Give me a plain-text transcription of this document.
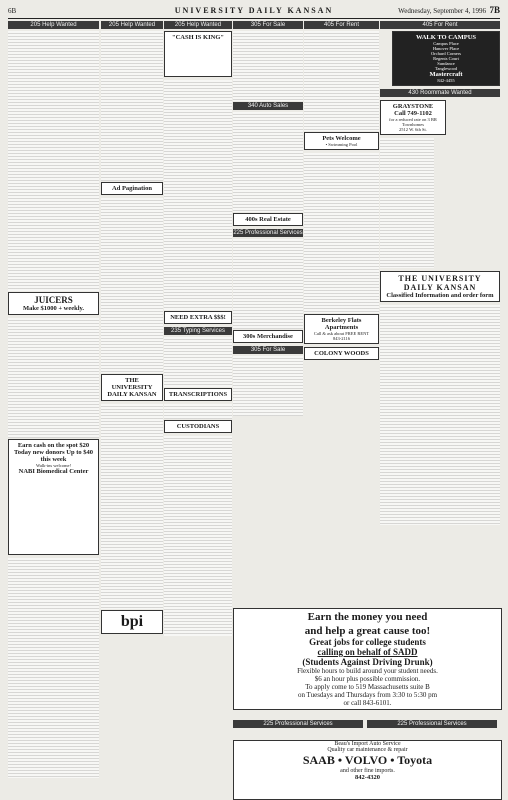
6B	UNIVERSITY DAILY KANSAN	Wednesday, September 4, 1996 7B
205 Help Wanted
JUICERS
Make $1000 + weekly.
Earn cash on the spot $20 Today new donors Up to $40 this week
Walk-ins welcome!
NABI Biomedical Center
205 Help Wanted
Ad Pagination
THE UNIVERSITY DAILY KANSAN
bpi
205 Help Wanted
"CASH IS KING"
NEED EXTRA $$$!
235 Typing Services
TRANSCRIPTIONS
CUSTODIANS
305 For Sale
340 Auto Sales
400s Real Estate
225 Professional Services
300s Merchandise
305 For Sale
405 For Rent
Pets Welcome
• Swimming Pool
Berkeley Flats Apartments
Call & ask about FREE RENT
843-2116
COLONY WOODS
405 For Rent
WALK TO CAMPUS
Campus Place
Hanover Place
Orchard Corners
Regents Court
Sundance
Tanglewood
Mastercraft
842-4455
430 Roommate Wanted
GRAYSTONE
Call 749-1102
for a reduced rate on 3 BR Townhomes
2512 W. 6th St.

THE UNIVERSITY DAILY KANSAN
Classified Information and order form
Earn the money you need
and help a great cause too!
Great jobs for college students
calling on behalf of SADD
(Students Against Driving Drunk)
Flexible hours to build around your student needs.
$6 an hour plus possible commission.
To apply come to 519 Massachusetts suite B
on Tuesdays and Thursdays from 3:30 to 5:30 pm
or call 843-6101.
225 Professional Services	225 Professional Services
Beau's Import Auto Service
Quality car maintenance & repair
SAAB • VOLVO • Toyota
and other fine imports.
842-4320
